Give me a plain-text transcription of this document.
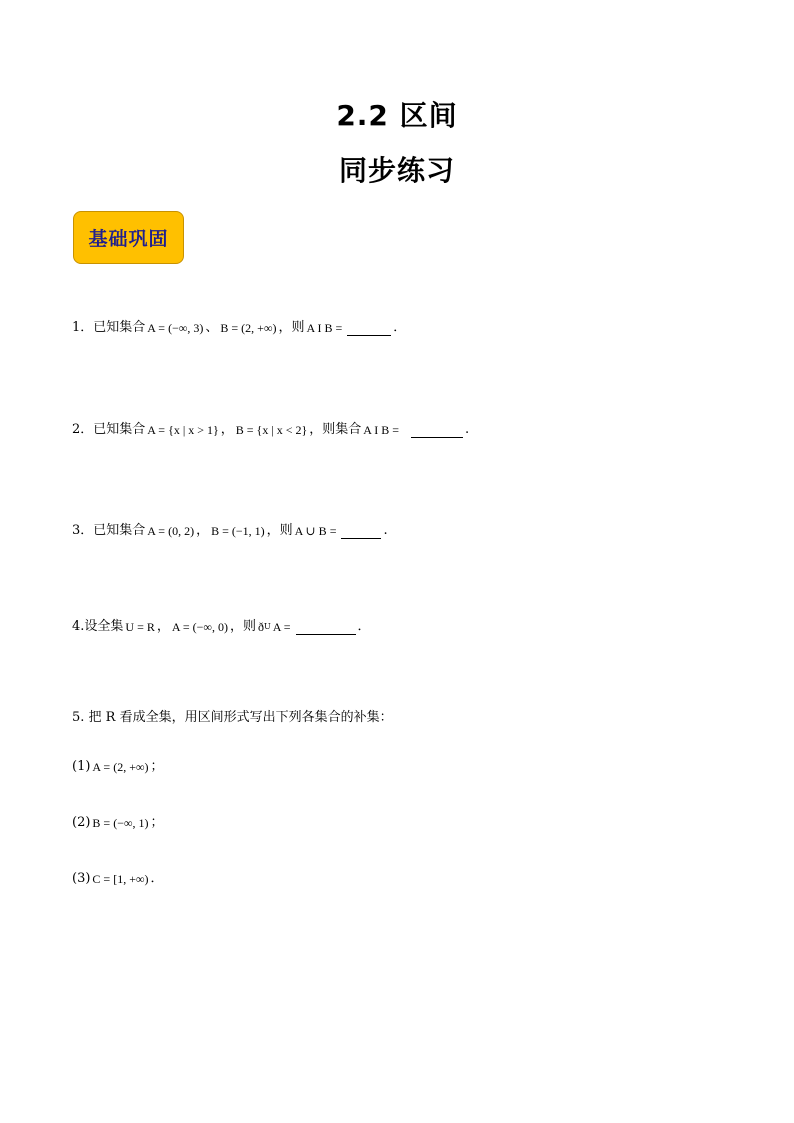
2.2 区间
同步练习
基础巩固
1． 已知集合 A = (−∞, 3) 、 B = (2, +∞) ，则 A I B =	．
2． 已知集合 A = {x | x > 1} ， B = {x | x < 2} ，则集合 A I B =	.
3． 已知集合 A = (0, 2) ， B = (−1, 1) ，则 A ∪ B =	.
4. 设全集 U = R ， A = (−∞, 0) ，则 ð U A =	．
5. 把 R 看成全集，用区间形式写出下列各集合的补集：
(1) A = (2, +∞) ；
(2) B = (−∞, 1) ；
(3) C = [1, +∞) ．
